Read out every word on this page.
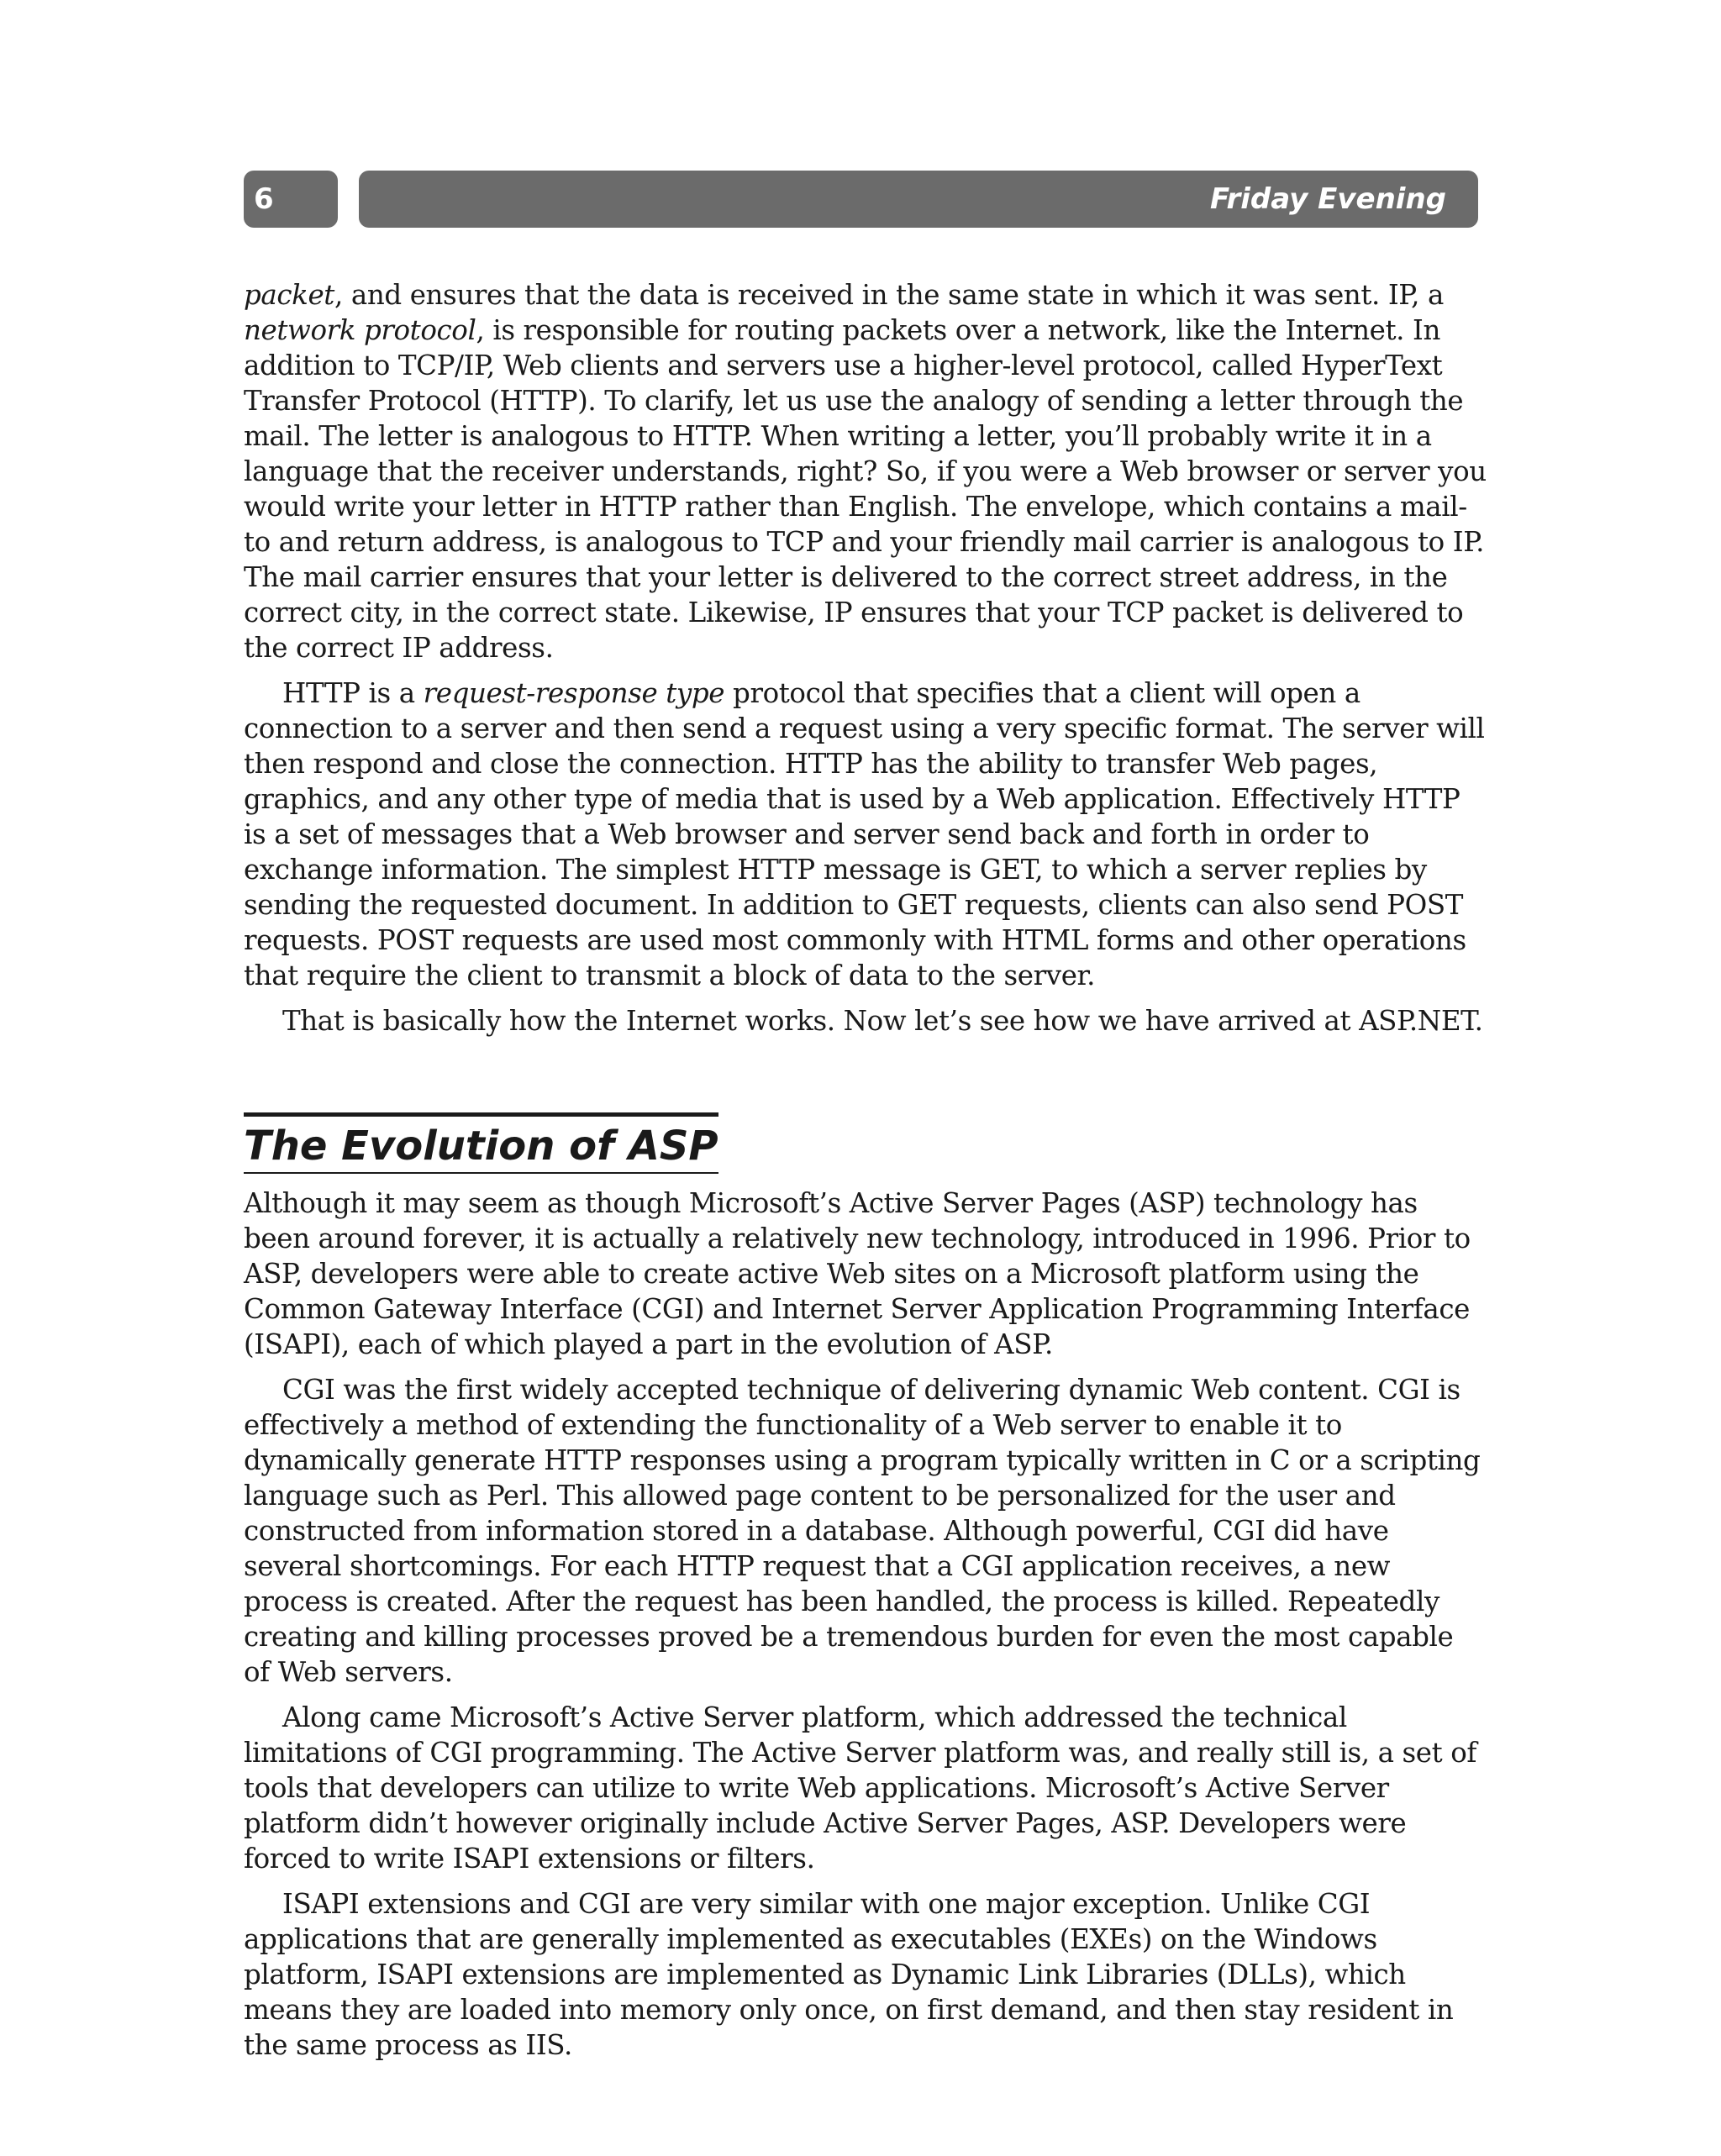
6	Friday Evening

packet, and ensures that the data is received in the same state in which it was sent. IP, a network protocol, is responsible for routing packets over a network, like the Internet. In addition to TCP/IP, Web clients and servers use a higher-level protocol, called HyperText Transfer Protocol (HTTP). To clarify, let us use the analogy of sending a letter through the mail. The letter is analogous to HTTP. When writing a letter, you’ll probably write it in a language that the receiver understands, right? So, if you were a Web browser or server you would write your letter in HTTP rather than English. The envelope, which contains a mail-to and return address, is analogous to TCP and your friendly mail carrier is analogous to IP. The mail carrier ensures that your letter is delivered to the correct street address, in the correct city, in the correct state. Likewise, IP ensures that your TCP packet is delivered to the correct IP address.

HTTP is a request-response type protocol that specifies that a client will open a connection to a server and then send a request using a very specific format. The server will then respond and close the connection. HTTP has the ability to transfer Web pages, graphics, and any other type of media that is used by a Web application. Effectively HTTP is a set of messages that a Web browser and server send back and forth in order to exchange information. The simplest HTTP message is GET, to which a server replies by sending the requested document. In addition to GET requests, clients can also send POST requests. POST requests are used most commonly with HTML forms and other operations that require the client to transmit a block of data to the server.

That is basically how the Internet works. Now let’s see how we have arrived at ASP.NET.

The Evolution of ASP

Although it may seem as though Microsoft’s Active Server Pages (ASP) technology has been around forever, it is actually a relatively new technology, introduced in 1996. Prior to ASP, developers were able to create active Web sites on a Microsoft platform using the Common Gateway Interface (CGI) and Internet Server Application Programming Interface (ISAPI), each of which played a part in the evolution of ASP.

CGI was the first widely accepted technique of delivering dynamic Web content. CGI is effectively a method of extending the functionality of a Web server to enable it to dynamically generate HTTP responses using a program typically written in C or a scripting language such as Perl. This allowed page content to be personalized for the user and constructed from information stored in a database. Although powerful, CGI did have several shortcomings. For each HTTP request that a CGI application receives, a new process is created. After the request has been handled, the process is killed. Repeatedly creating and killing processes proved be a tremendous burden for even the most capable of Web servers.

Along came Microsoft’s Active Server platform, which addressed the technical limitations of CGI programming. The Active Server platform was, and really still is, a set of tools that developers can utilize to write Web applications. Microsoft’s Active Server platform didn’t however originally include Active Server Pages, ASP. Developers were forced to write ISAPI extensions or filters.

ISAPI extensions and CGI are very similar with one major exception. Unlike CGI applications that are generally implemented as executables (EXEs) on the Windows platform, ISAPI extensions are implemented as Dynamic Link Libraries (DLLs), which means they are loaded into memory only once, on first demand, and then stay resident in the same process as IIS.
